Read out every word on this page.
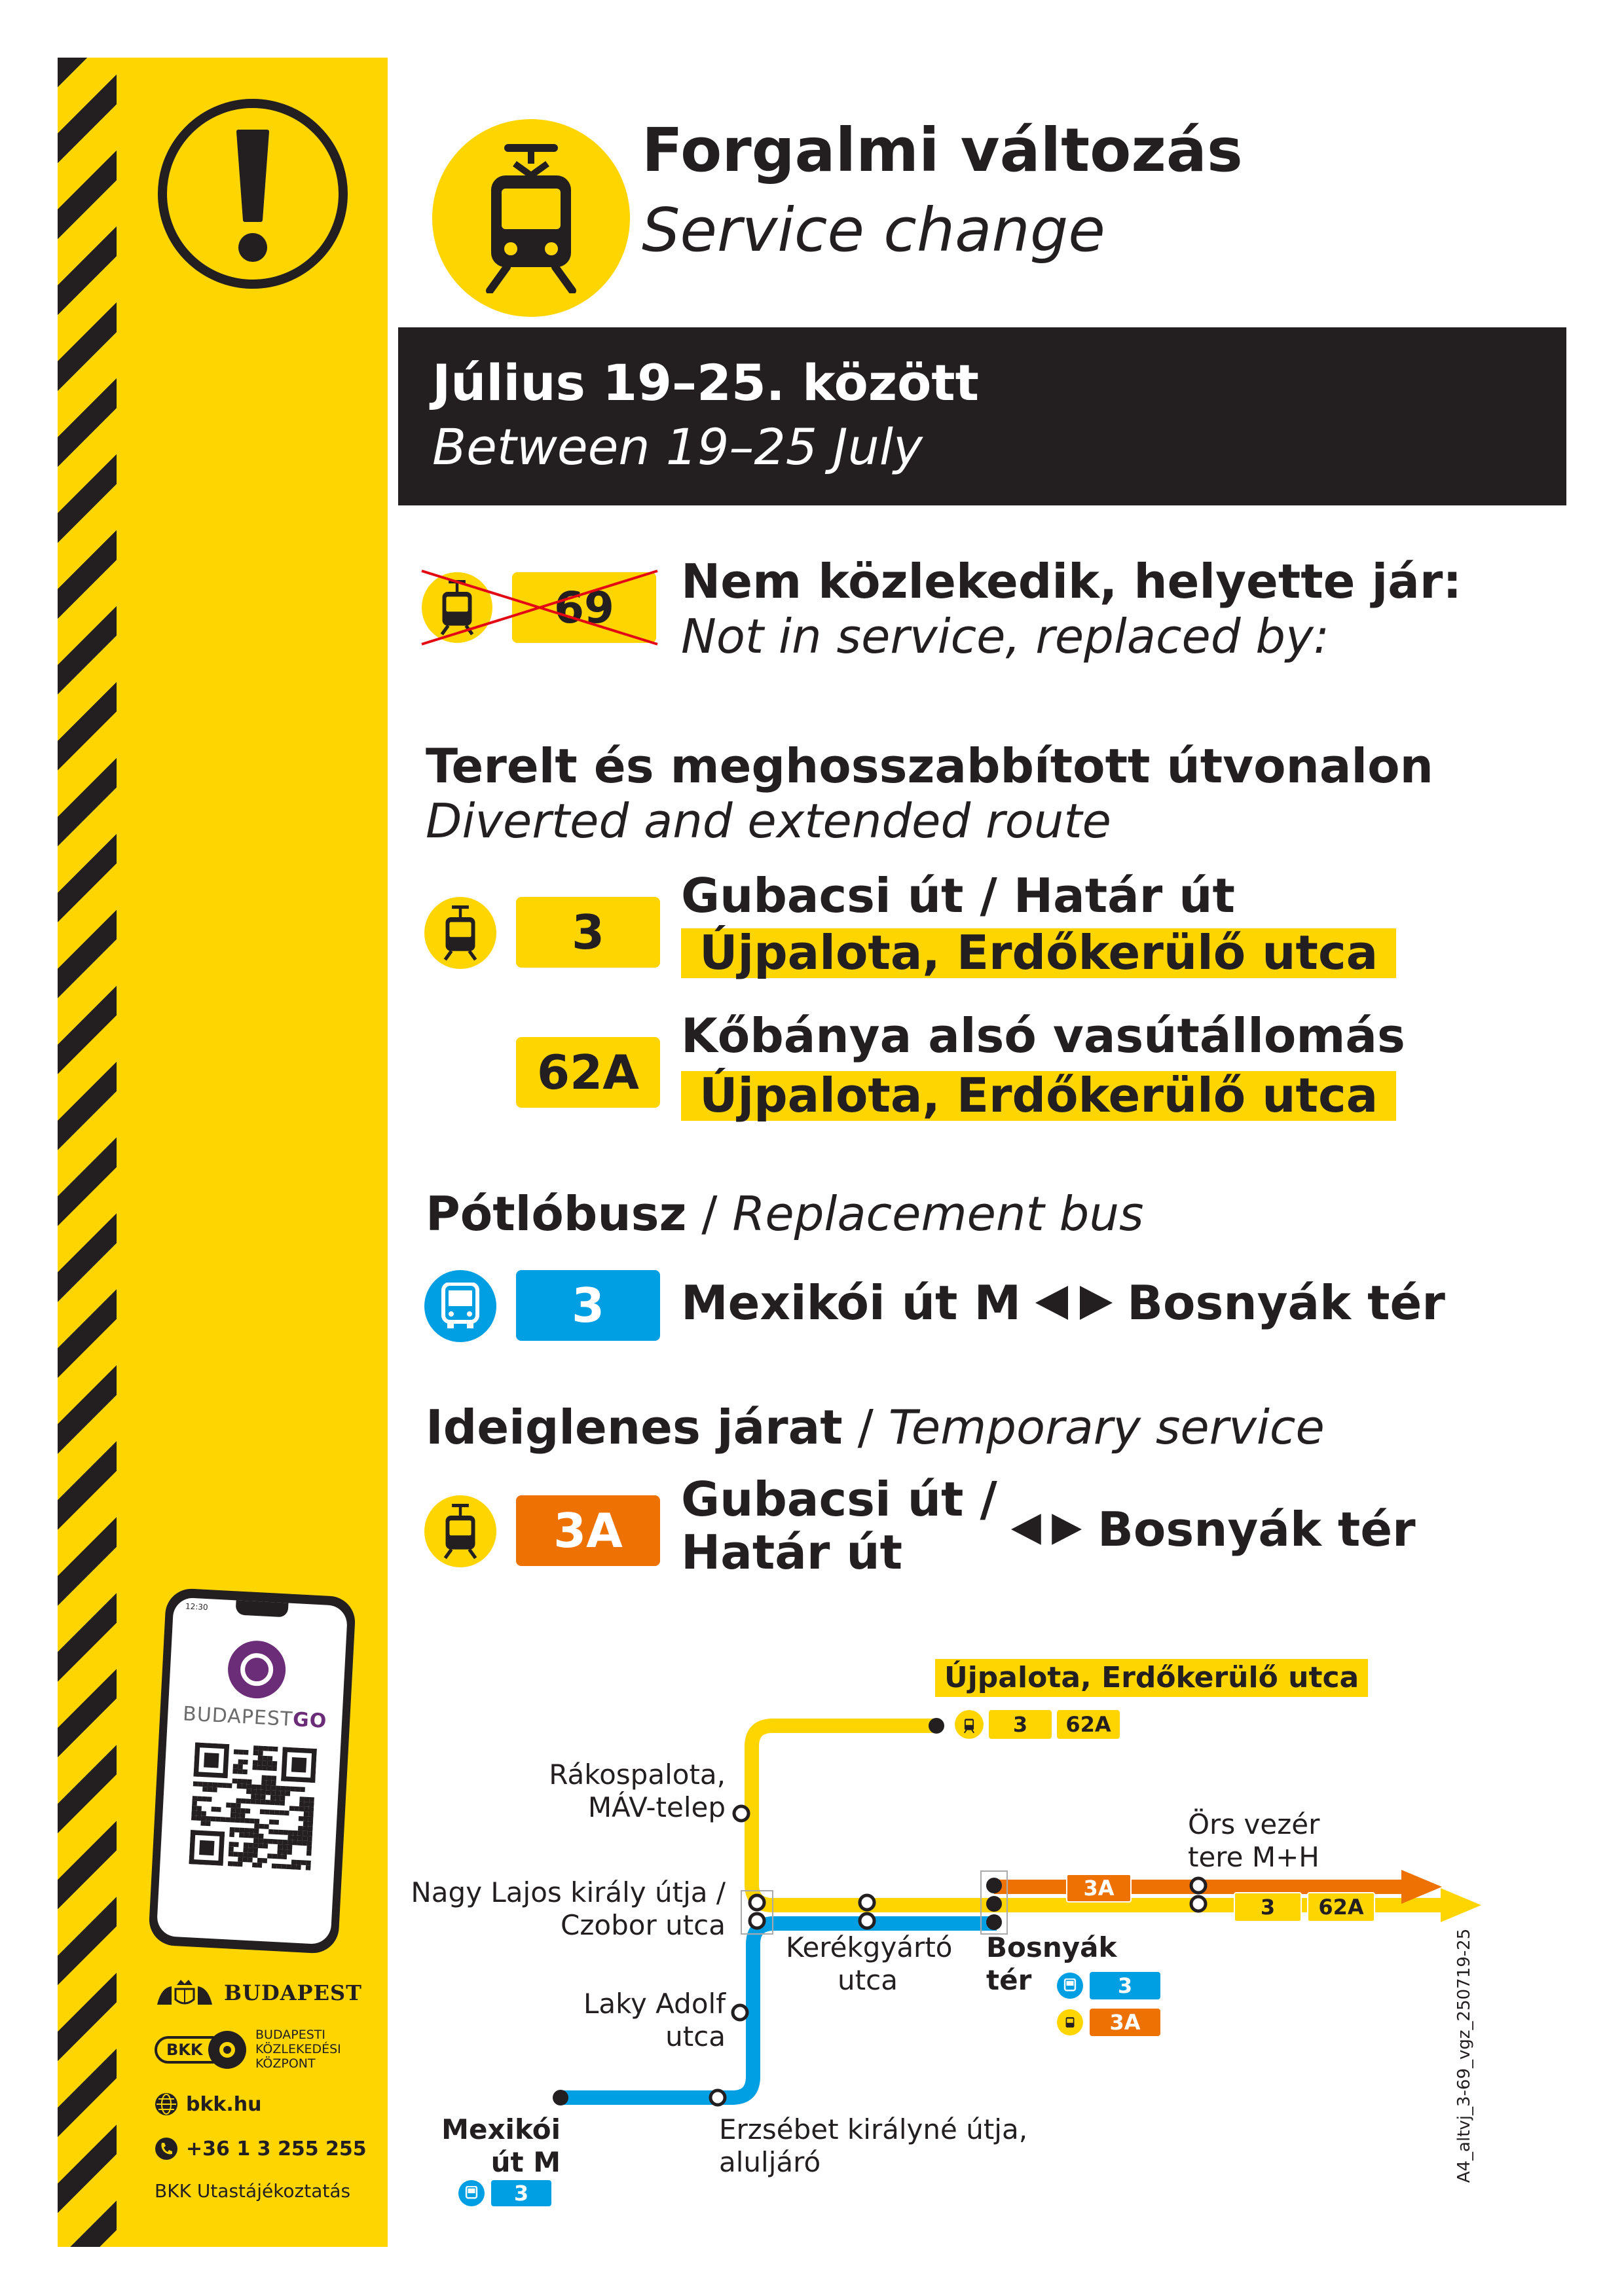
12:30
BUDAPESTGO
BUDAPEST
BKK
BUDAPESTI
KÖZLEKEDÉSI
KÖZPONT
bkk.hu
+36 1 3 255 255
BKK Utastájékoztatás
Forgalmi változás
Service change
Július 19–25. között
Between 19–25 July
69 Nem közlekedik, helyette jár:
Not in service, replaced by:
Terelt és meghosszabbított útvonalon
Diverted and extended route
3
Gubacsi út / Határ út
Újpalota, Erdőkerülő utca
62A
Kőbánya alsó vasútállomás
Újpalota, Erdőkerülő utca
Pótlóbusz / Replacement bus
3 Mexikói út M Bosnyák tér
Ideiglenes járat / Temporary service
3A
Gubacsi út /
Határ út	Bosnyák tér
Újpalota, Erdőkerülő utca
3	62A
Rákospalota,
MÁV-telep
Nagy Lajos király útja /
Czobor utca
Kerékgyártó
utca
Bosnyák
tér	3
3A
Örs vezér
tere M+H
3A
3	62A
Laky Adolf
utca
Erzsébet királyné útja,
aluljáró
Mexikói
út M
3
A4_altvj_3-69_vgz_250719-25
